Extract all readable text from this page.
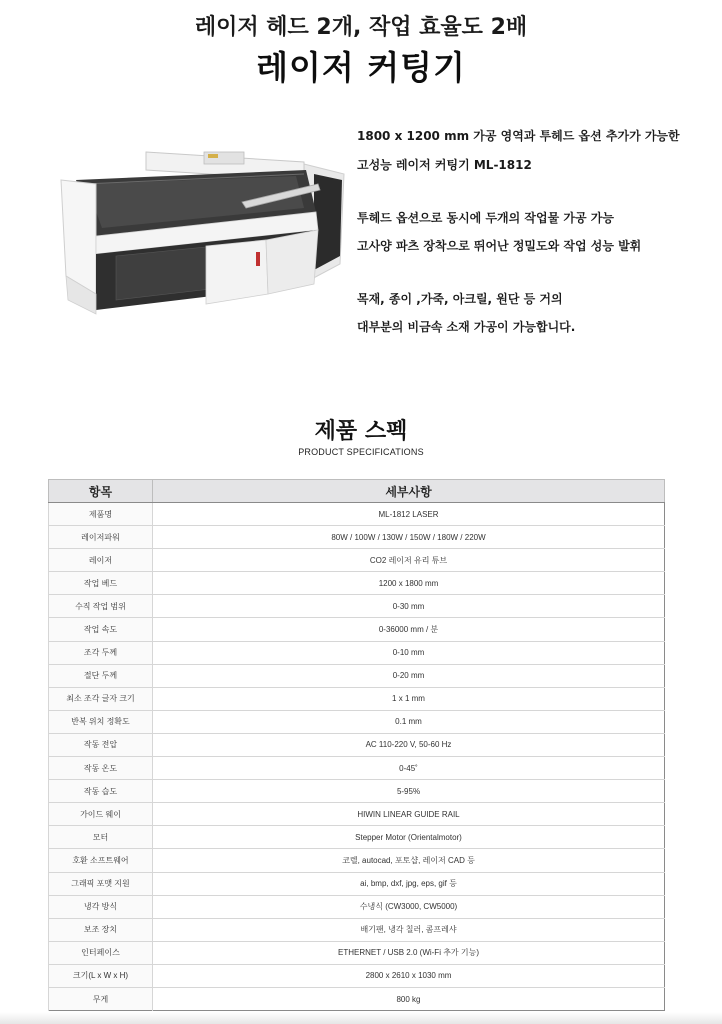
레이저 헤드 2개, 작업 효율도 2배
레이저 커팅기
1800 x 1200 mm 가공 영역과 투헤드 옵션 추가가 가능한
고성능 레이저 커팅기 ML-1812
투헤드 옵션으로 동시에 두개의 작업물 가공 가능
고사양 파츠 장착으로 뛰어난 정밀도와 작업 성능 발휘
목재, 종이 ,가죽, 아크릴, 원단 등 거의
대부분의 비금속 소재 가공이 가능합니다.
제품 스펙
PRODUCT SPECIFICATIONS
항목	세부사항
제품명	ML-1812 LASER
레이저파워	80W / 100W / 130W / 150W / 180W / 220W
레이저	CO2 레이저 유리 튜브
작업 베드	1200 x 1800 mm
수직 작업 범위	0-30 mm
작업 속도	0-36000 mm / 분
조각 두께	0-10 mm
절단 두께	0-20 mm
최소 조각 글자 크기	1 x 1 mm
반복 위치 정확도	0.1 mm
작동 전압	AC 110-220 V, 50-60 Hz
작동 온도	0-45˚
작동 습도	5-95%
가이드 웨이	HIWIN LINEAR GUIDE RAIL
모터	Stepper Motor (Orientalmotor)
호환 소프트웨어	코렐, autocad, 포토샵, 레이저 CAD 등
그래픽 포맷 지원	ai, bmp, dxf, jpg, eps, gif 등
냉각 방식	수냉식 (CW3000, CW5000)
보조 장치	배기팬, 냉각 칠러, 콤프레샤
인터페이스	ETHERNET / USB 2.0 (Wi-Fi 추가 기능)
크기(L x W x H)	2800 x 2610 x 1030 mm
무게	800 kg
